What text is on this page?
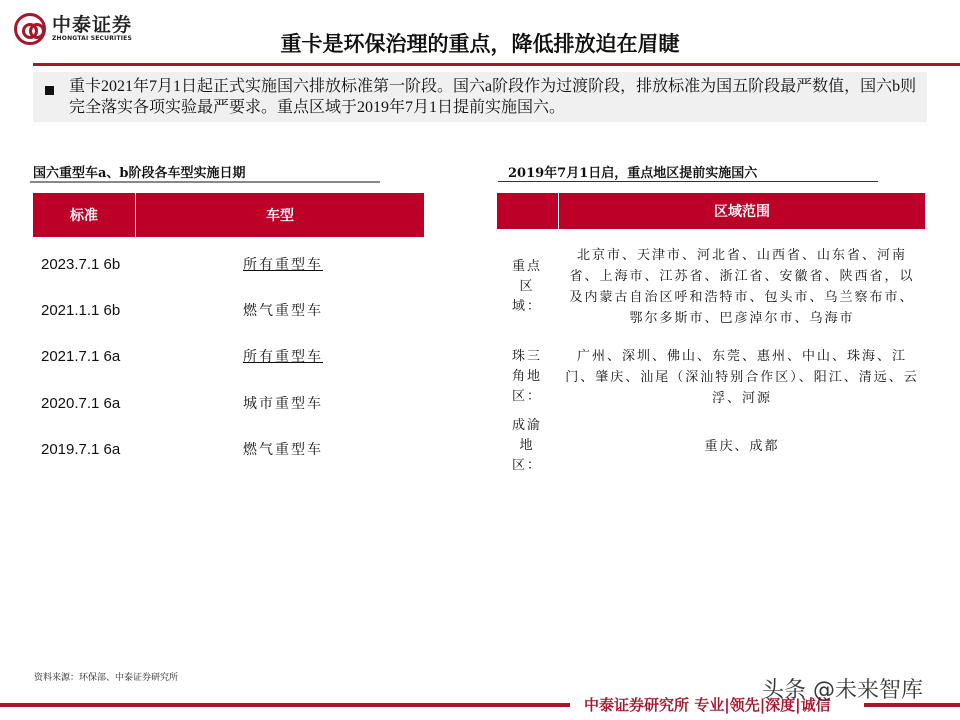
中泰证券
ZHONGTAI SECURITIES	重卡是环保治理的重点，降低排放迫在眉睫
重卡2021年7月1日起正式实施国六排放标准第一阶段。国六a阶段作为过渡阶段，排放标准为国五阶段最严数值，国六b则完全落实各项实验最严要求。重点区域于2019年7月1日提前实施国六。
国六重型车a、b阶段各车型实施日期
标准	车型
2023.7.1 6b	所有重型车
2021.1.1 6b	燃气重型车
2021.7.1 6a	所有重型车
2020.7.1 6a	城市重型车
2019.7.1 6a	燃气重型车
2019年7月1日启，重点地区提前实施国六
区域范围
重点区域：
北京市、天津市、河北省、山西省、山东省、河南省、上海市、江苏省、浙江省、安徽省、陕西省，以及内蒙古自治区呼和浩特市、包头市、乌兰察布市、鄂尔多斯市、巴彦淖尔市、乌海市
珠三角地区：
广州、深圳、佛山、东莞、惠州、中山、珠海、江门、肇庆、汕尾（深汕特别合作区）、阳江、清远、云浮、河源
成渝地区：
重庆、成都
资料来源：环保部、中泰证券研究所
中泰证券研究所 专业|领先|深度|诚信
头条 @未来智库
